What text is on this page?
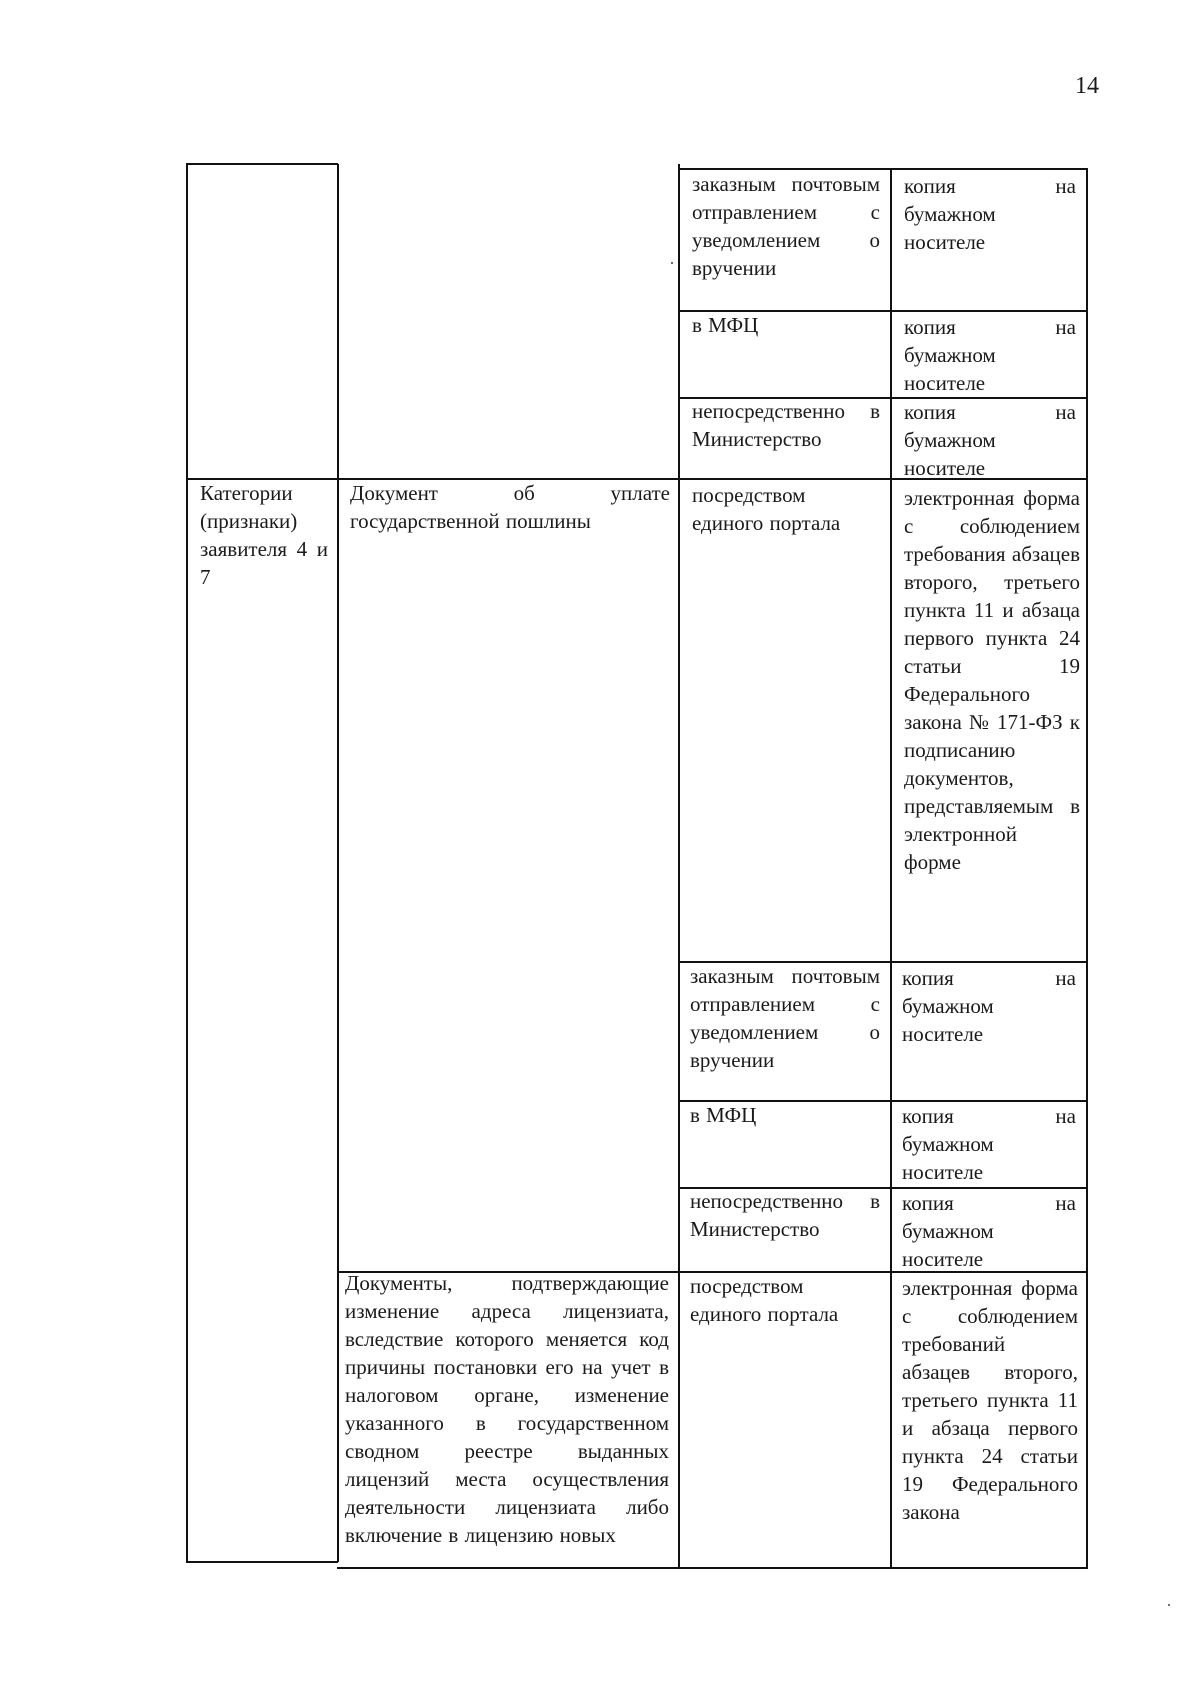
14
заказным почтовым отправлением с уведомлением о вручении
копия на бумажном носителе
в МФЦ	копия на бумажном носителе
непосредственно в Министерство
копия на бумажном носителе
Категории (признаки) заявителя 4 и 7
Документ об уплате государственной пошлины
посредством единого портала
электронная форма с соблюдением требования абзацев второго, третьего пункта 11 и абзаца первого пункта 24 статьи 19 Федерального закона № 171-ФЗ к подписанию документов, представляемым в электронной форме
заказным почтовым отправлением с уведомлением о вручении
копия на бумажном носителе
в МФЦ	копия на бумажном носителе
непосредственно в Министерство
копия на бумажном носителе
Документы, подтверждающие изменение адреса лицензиата, вследствие которого меняется код причины постановки его на учет в налоговом органе, изменение указанного в государственном сводном реестре выданных лицензий места осуществления деятельности лицензиата либо включение в лицензию новых
посредством единого портала
электронная форма с соблюдением требований абзацев второго, третьего пункта 11 и абзаца первого пункта 24 статьи 19 Федерального закона
